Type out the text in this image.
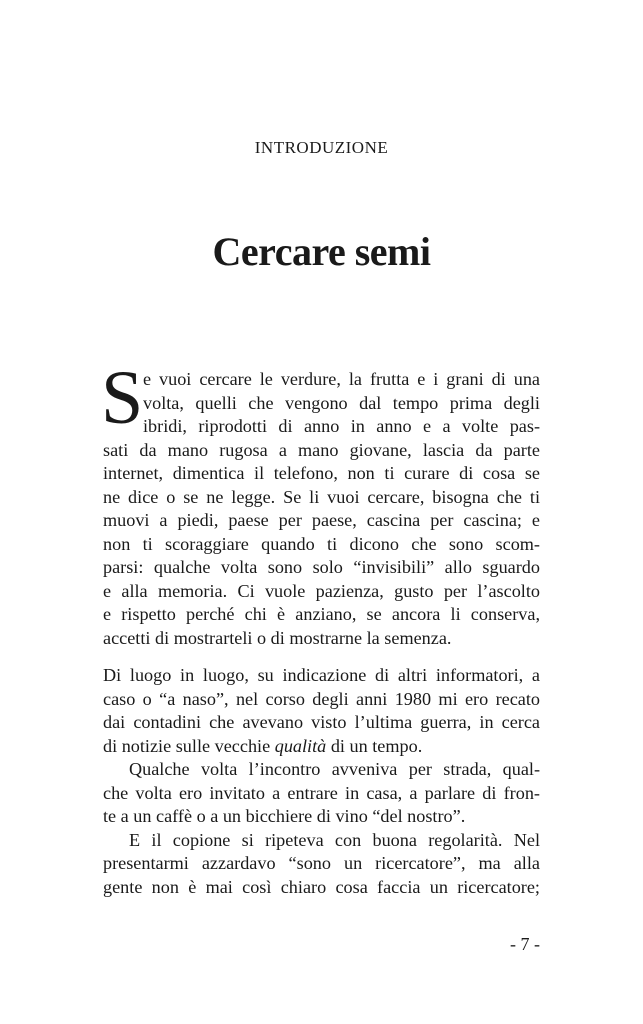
INTRODUZIONE
Cercare semi
S e vuoi cercare le verdure, la frutta e i grani di una
volta, quelli che vengono dal tempo prima degli
ibridi, riprodotti di anno in anno e a volte pas-
sati da mano rugosa a mano giovane, lascia da parte
internet, dimentica il telefono, non ti curare di cosa se
ne dice o se ne legge. Se li vuoi cercare, bisogna che ti
muovi a piedi, paese per paese, cascina per cascina; e
non ti scoraggiare quando ti dicono che sono scom-
parsi: qualche volta sono solo “invisibili” allo sguardo
e alla memoria. Ci vuole pazienza, gusto per l’ascolto
e rispetto perché chi è anziano, se ancora li conserva,
accetti di mostrarteli o di mostrarne la semenza.
Di luogo in luogo, su indicazione di altri informatori, a
caso o “a naso”, nel corso degli anni 1980 mi ero recato
dai contadini che avevano visto l’ultima guerra, in cerca
di notizie sulle vecchie qualità di un tempo.
Qualche volta l’incontro avveniva per strada, qual-
che volta ero invitato a entrare in casa, a parlare di fron-
te a un caffè o a un bicchiere di vino “del nostro”.
E il copione si ripeteva con buona regolarità. Nel
presentarmi azzardavo “sono un ricercatore”, ma alla
gente non è mai così chiaro cosa faccia un ricercatore;
- 7 -
